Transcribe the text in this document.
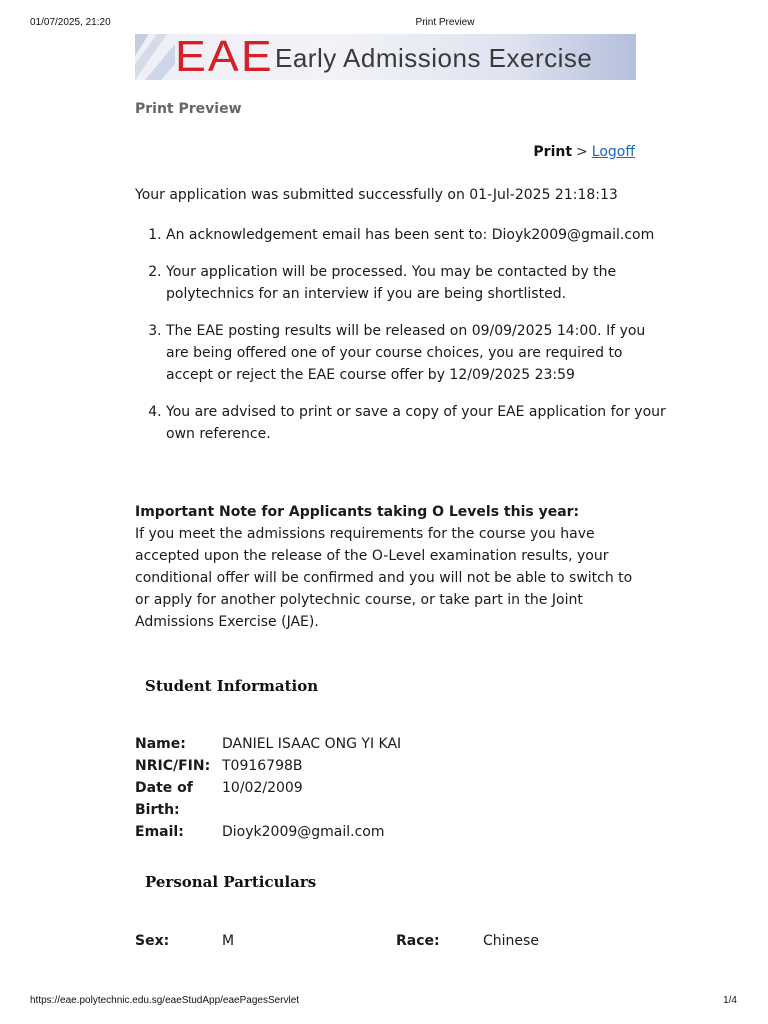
01/07/2025, 21:20	Print Preview
EAE Early Admissions Exercise
Print Preview
Print > Logoff
Your application was submitted successfully on 01-Jul-2025 21:18:13
1. An acknowledgement email has been sent to: Dioyk2009@gmail.com
2. Your application will be processed. You may be contacted by the polytechnics for an interview if you are being shortlisted.
3. The EAE posting results will be released on 09/09/2025 14:00. If you are being offered one of your course choices, you are required to accept or reject the EAE course offer by 12/09/2025 23:59
4. You are advised to print or save a copy of your EAE application for your own reference.
Important Note for Applicants taking O Levels this year:
If you meet the admissions requirements for the course you have accepted upon the release of the O-Level examination results, your conditional offer will be confirmed and you will not be able to switch to or apply for another polytechnic course, or take part in the Joint Admissions Exercise (JAE).
Student Information
Name:	DANIEL ISAAC ONG YI KAI
NRIC/FIN: T0916798B
Date of Birth:
10/02/2009
Email:	Dioyk2009@gmail.com
Personal Particulars
Sex:	M	Race:	Chinese
https://eae.polytechnic.edu.sg/eaeStudApp/eaePagesServlet	1/4
